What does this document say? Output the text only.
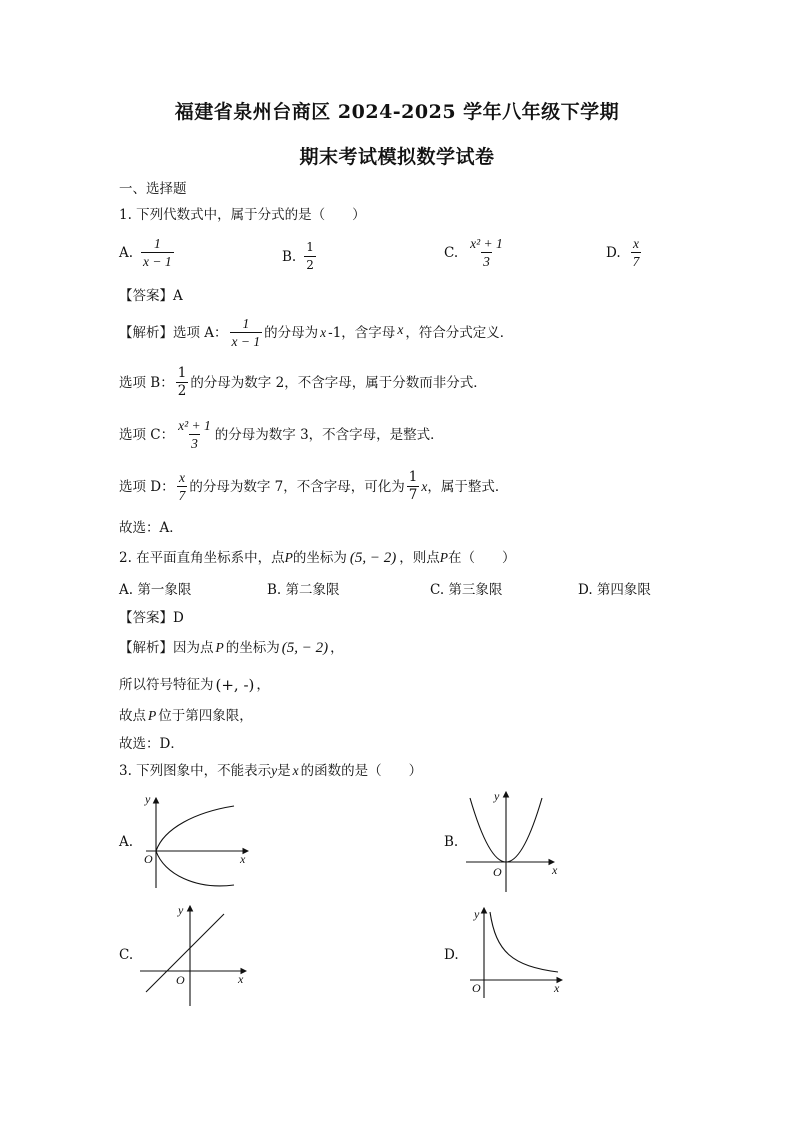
福建省泉州台商区 2024-2025 学年八年级下学期
期末考试模拟数学试卷
一、选择题
1. 下列代数式中，属于分式的是（　　）
A. $\frac{1}{x - 1}$	B. $\frac{1}{2}$	C. $\frac{\text{x² + 1}}{3}$	D. $\frac{x}{7}$
【答案】A
【解析】选项 A： $\frac{1}{x - 1}$ 的分母为 x -1，含字母 x ，符合分式定义．
选项 B： $\frac{1}{2}$ 的分母为数字 2，不含字母，属于分数而非分式．
选项 C： $\frac{\text{x² + 1}}{3}$ 的分母为数字 3，不含字母，是整式．
选项 D： $\frac{x}{7}$ 的分母为数字 7，不含字母，可化为 $\frac{1}{7}$ x ，属于整式．
故选：A．
2. 在平面直角坐标系中，点 P 的坐标为 (5, − 2) ，则点 P 在（　　）
A. 第一象限	B. 第二象限	C. 第三象限	D. 第四象限
【答案】D
【解析】因为点 P 的坐标为 (5, − 2) ，
所以符号特征为 (+, -) ，
故点 P 位于第四象限，
故选：D．
3. 下列图象中，不能表示 y 是 x 的函数的是（　　）
A.	B.
C.	D.
y
x
O
y
x
O
y
x
O
y
x
O
